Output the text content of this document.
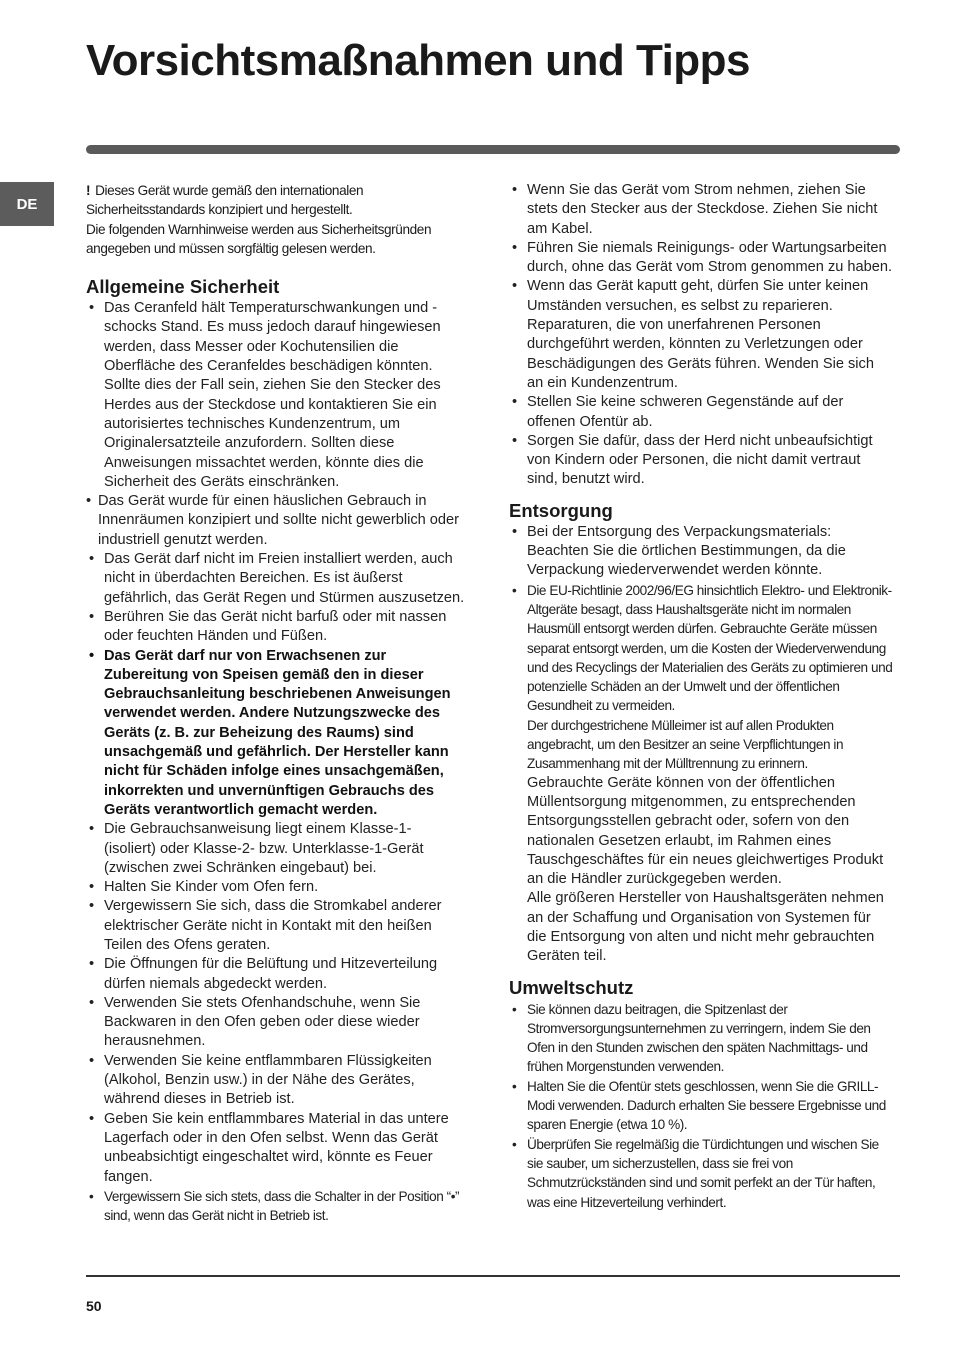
Vorsichtsmaßnahmen und Tipps
DE

! Dieses Gerät wurde gemäß den internationalen Sicherheitsstandards konzipiert und hergestellt.
Die folgenden Warnhinweise werden aus Sicherheitsgründen angegeben und müssen sorgfältig gelesen werden.

Allgemeine Sicherheit
• Das Ceranfeld hält Temperaturschwankungen und -schocks Stand. Es muss jedoch darauf hingewiesen werden, dass Messer oder Kochutensilien die Oberfläche des Ceranfeldes beschädigen könnten. Sollte dies der Fall sein, ziehen Sie den Stecker des Herdes aus der Steckdose und kontaktieren Sie ein autorisiertes technisches Kundenzentrum, um Originalersatzteile anzufordern. Sollten diese Anweisungen missachtet werden, könnte dies die Sicherheit des Geräts einschränken.
• Das Gerät wurde für einen häuslichen Gebrauch in Innenräumen konzipiert und sollte nicht gewerblich oder industriell genutzt werden.
• Das Gerät darf nicht im Freien installiert werden, auch nicht in überdachten Bereichen. Es ist äußerst gefährlich, das Gerät Regen und Stürmen auszusetzen.
• Berühren Sie das Gerät nicht barfuß oder mit nassen oder feuchten Händen und Füßen.
• Das Gerät darf nur von Erwachsenen zur Zubereitung von Speisen gemäß den in dieser Gebrauchsanleitung beschriebenen Anweisungen verwendet werden. Andere Nutzungszwecke des Geräts (z. B. zur Beheizung des Raums) sind unsachgemäß und gefährlich. Der Hersteller kann nicht für Schäden infolge eines unsachgemäßen, inkorrekten und unvernünftigen Gebrauchs des Geräts verantwortlich gemacht werden.
• Die Gebrauchsanweisung liegt einem Klasse-1- (isoliert) oder Klasse-2- bzw. Unterklasse-1-Gerät (zwischen zwei Schränken eingebaut) bei.
• Halten Sie Kinder vom Ofen fern.
• Vergewissern Sie sich, dass die Stromkabel anderer elektrischer Geräte nicht in Kontakt mit den heißen Teilen des Ofens geraten.
• Die Öffnungen für die Belüftung und Hitzeverteilung dürfen niemals abgedeckt werden.
• Verwenden Sie stets Ofenhandschuhe, wenn Sie Backwaren in den Ofen geben oder diese wieder herausnehmen.
• Verwenden Sie keine entflammbaren Flüssigkeiten (Alkohol, Benzin usw.) in der Nähe des Gerätes, während dieses in Betrieb ist.
• Geben Sie kein entflammbares Material in das untere Lagerfach oder in den Ofen selbst. Wenn das Gerät unbeabsichtigt eingeschaltet wird, könnte es Feuer fangen.
• Vergewissern Sie sich stets, dass die Schalter in der Position “•” sind, wenn das Gerät nicht in Betrieb ist.
• Wenn Sie das Gerät vom Strom nehmen, ziehen Sie stets den Stecker aus der Steckdose. Ziehen Sie nicht am Kabel.
• Führen Sie niemals Reinigungs- oder Wartungsarbeiten durch, ohne das Gerät vom Strom genommen zu haben.
• Wenn das Gerät kaputt geht, dürfen Sie unter keinen Umständen versuchen, es selbst zu reparieren. Reparaturen, die von unerfahrenen Personen durchgeführt werden, könnten zu Verletzungen oder Beschädigungen des Geräts führen. Wenden Sie sich an ein Kundenzentrum.
• Stellen Sie keine schweren Gegenstände auf der offenen Ofentür ab.
• Sorgen Sie dafür, dass der Herd nicht unbeaufsichtigt von Kindern oder Personen, die nicht damit vertraut sind, benutzt wird.
Entsorgung
• Bei der Entsorgung des Verpackungsmaterials: Beachten Sie die örtlichen Bestimmungen, da die Verpackung wiederverwendet werden könnte.
• Die EU-Richtlinie 2002/96/EG hinsichtlich Elektro- und Elektronik-Altgeräte besagt, dass Haushaltsgeräte nicht im normalen Hausmüll entsorgt werden dürfen. Gebrauchte Geräte müssen separat entsorgt werden, um die Kosten der Wiederverwendung und des Recyclings der Materialien des Geräts zu optimieren und potenzielle Schäden an der Umwelt und der öffentlichen Gesundheit zu vermeiden.

Der durchgestrichene Mülleimer ist auf allen Produkten angebracht, um den Besitzer an seine Verpflichtungen in Zusammenhang mit der Mülltrennung zu erinnern.

Gebrauchte Geräte können von der öffentlichen Müllentsorgung mitgenommen, zu entsprechenden Entsorgungsstellen gebracht oder, sofern von den nationalen Gesetzen erlaubt, im Rahmen eines Tauschgeschäftes für ein neues gleichwertiges Produkt an die Händler zurückgegeben werden.

Alle größeren Hersteller von Haushaltsgeräten nehmen an der Schaffung und Organisation von Systemen für die Entsorgung von alten und nicht mehr gebrauchten Geräten teil.

Umweltschutz
• Sie können dazu beitragen, die Spitzenlast der Stromversorgungsunternehmen zu verringern, indem Sie den Ofen in den Stunden zwischen den späten Nachmittags- und frühen Morgenstunden verwenden.
• Halten Sie die Ofentür stets geschlossen, wenn Sie die GRILL-Modi verwenden. Dadurch erhalten Sie bessere Ergebnisse und sparen Energie (etwa 10 %).
• Überprüfen Sie regelmäßig die Türdichtungen und wischen Sie sie sauber, um sicherzustellen, dass sie frei von Schmutzrückständen sind und somit perfekt an der Tür haften, was eine Hitzeverteilung verhindert.
50
